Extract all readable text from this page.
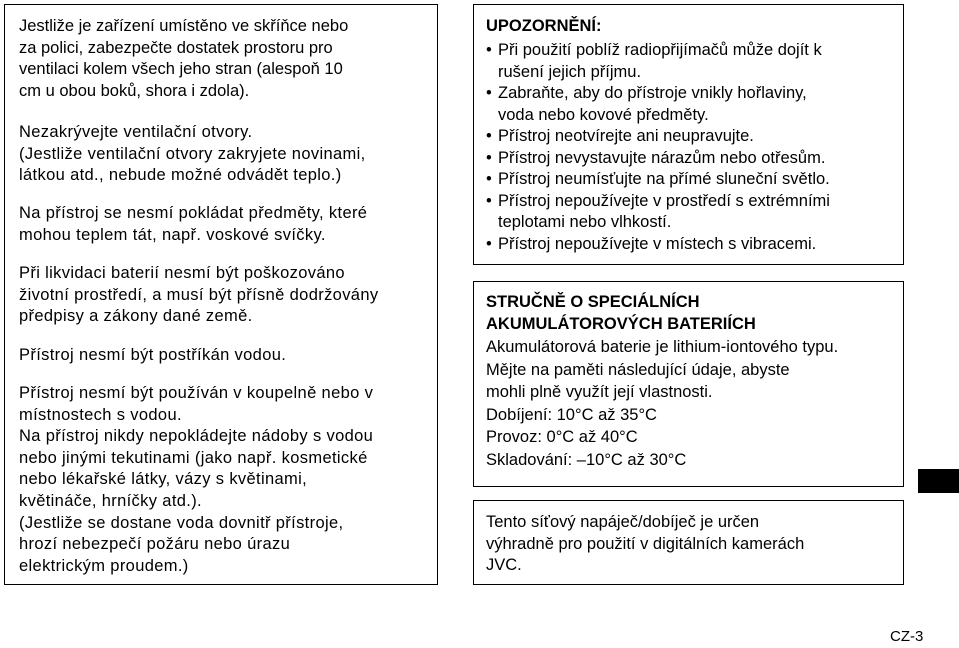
Jestliže je zařízení umístěno ve skříňce nebo
za polici, zabezpečte dostatek prostoru pro
ventilaci kolem všech jeho stran (alespoň 10
cm u obou boků, shora i zdola).
Nezakrývejte ventilační otvory.
(Jestliže ventilační otvory zakryjete novinami,
látkou atd., nebude možné odvádět teplo.)
Na přístroj se nesmí pokládat předměty, které
mohou teplem tát, např. voskové svíčky.
Při likvidaci baterií nesmí být poškozováno
životní prostředí, a musí být přísně dodržovány
předpisy a zákony dané země.
Přístroj nesmí být postříkán vodou.
Přístroj nesmí být používán v koupelně nebo v
místnostech s vodou.
Na přístroj nikdy nepokládejte nádoby s vodou
nebo jinými tekutinami (jako např. kosmetické
nebo lékařské látky, vázy s květinami,
květináče, hrníčky atd.).
(Jestliže se dostane voda dovnitř přístroje,
hrozí nebezpečí požáru nebo úrazu
elektrickým proudem.)
UPOZORNĚNÍ:
• Při použití poblíž radiopřijímačů může dojít k
rušení jejich příjmu.
• Zabraňte, aby do přístroje vnikly hořlaviny,
voda nebo kovové předměty.
• Přístroj neotvírejte ani neupravujte.
• Přístroj nevystavujte nárazům nebo otřesům.
• Přístroj neumísťujte na přímé sluneční světlo.
• Přístroj nepoužívejte v prostředí s extrémními
teplotami nebo vlhkostí.
• Přístroj nepoužívejte v místech s vibracemi.
STRUČNĚ O SPECIÁLNÍCH
AKUMULÁTOROVÝCH BATERIÍCH
Akumulátorová baterie je lithium-iontového typu.
Mějte na paměti následující údaje, abyste
mohli plně využít její vlastnosti.
Dobíjení: 10°C až 35°C
Provoz: 0°C až 40°C
Skladování: –10°C až 30°C
Tento síťový napáječ/dobíječ je určen
výhradně pro použití v digitálních kamerách
JVC.
CZ-3
